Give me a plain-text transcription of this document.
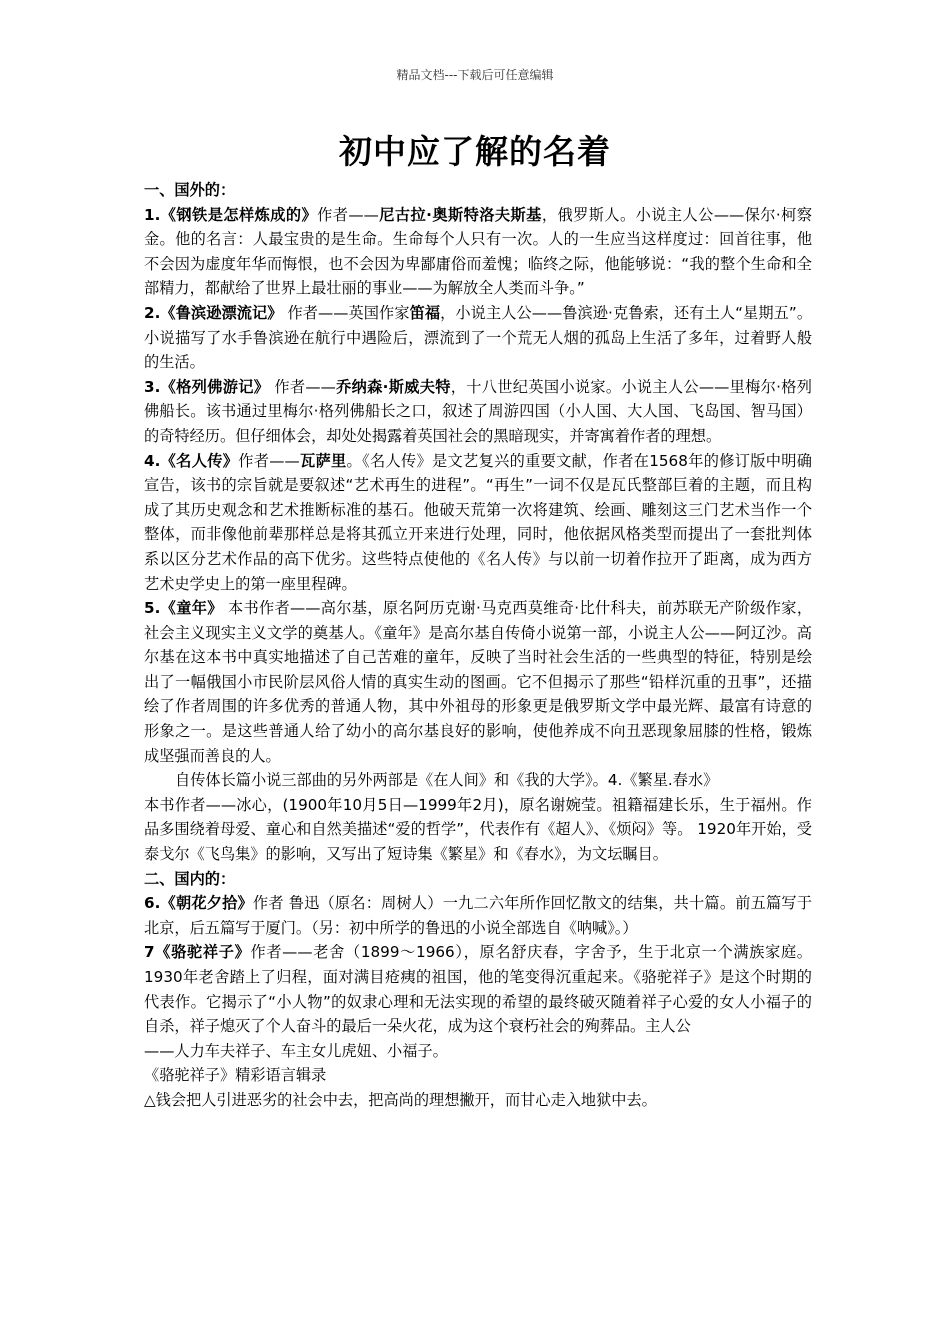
精品文档---下载后可任意编辑
初中应了解的名着

一、国外的：

1.《钢铁是怎样炼成的》作者——尼古拉·奥斯特洛夫斯基，俄罗斯人。小说主人公——保尔·柯察金。他的名言：人最宝贵的是生命。生命每个人只有一次。人的一生应当这样度过：回首往事，他不会因为虚度年华而悔恨，也不会因为卑鄙庸俗而羞愧；临终之际，他能够说：“我的整个生命和全部精力，都献给了世界上最壮丽的事业——为解放全人类而斗争。”

2.《鲁滨逊漂流记》 作者——英国作家笛福，小说主人公——鲁滨逊·克鲁索，还有土人“星期五”。小说描写了水手鲁滨逊在航行中遇险后，漂流到了一个荒无人烟的孤岛上生活了多年，过着野人般的生活。

3.《格列佛游记》 作者——乔纳森·斯威夫特，十八世纪英国小说家。小说主人公——里梅尔·格列佛船长。该书通过里梅尔·格列佛船长之口，叙述了周游四国（小人国、大人国、飞岛国、智马国）的奇特经历。但仔细体会，却处处揭露着英国社会的黑暗现实，并寄寓着作者的理想。

4.《名人传》作者——瓦萨里。《名人传》是文艺复兴的重要文献，作者在1568年的修订版中明确宣告，该书的宗旨就是要叙述“艺术再生的进程”。“再生”一词不仅是瓦氏整部巨着的主题，而且构成了其历史观念和艺术推断标准的基石。他破天荒第一次将建筑、绘画、雕刻这三门艺术当作一个整体，而非像他前辈那样总是将其孤立开来进行处理，同时，他依据风格类型而提出了一套批判体系以区分艺术作品的高下优劣。这些特点使他的《名人传》与以前一切着作拉开了距离，成为西方艺术史学史上的第一座里程碑。

5.《童年》 本书作者——高尔基，原名阿历克谢·马克西莫维奇·比什科夫，前苏联无产阶级作家，社会主义现实主义文学的奠基人。《童年》是高尔基自传倚小说第一部，小说主人公——阿辽沙。高尔基在这本书中真实地描述了自己苦难的童年，反映了当时社会生活的一些典型的特征，特别是绘出了一幅俄国小市民阶层风俗人情的真实生动的图画。它不但揭示了那些“铅样沉重的丑事”，还描绘了作者周围的许多优秀的普通人物，其中外祖母的形象更是俄罗斯文学中最光辉、最富有诗意的形象之一。是这些普通人给了幼小的高尔基良好的影响，使他养成不向丑恶现象屈膝的性格，锻炼成坚强而善良的人。

自传体长篇小说三部曲的另外两部是《在人间》和《我的大学》。4.《繁星.春水》

本书作者——冰心，(1900年10月5日—1999年2月)，原名谢婉莹。祖籍福建长乐，生于福州。作品多围绕着母爱、童心和自然美描述“爱的哲学”，代表作有《超人》、《烦闷》等。 1920年开始，受泰戈尔《飞鸟集》的影响，又写出了短诗集《繁星》和《春水》，为文坛瞩目。

二、国内的：

6.《朝花夕拾》作者 鲁迅（原名：周树人）一九二六年所作回忆散文的结集，共十篇。前五篇写于北京，后五篇写于厦门。（另：初中所学的鲁迅的小说全部选自《呐喊》。）

7《骆驼祥子》作者——老舍（1899～1966），原名舒庆春，字舍予，生于北京一个满族家庭。1930年老舍踏上了归程，面对满目疮痍的祖国，他的笔变得沉重起来。《骆驼祥子》是这个时期的代表作。它揭示了“小人物”的奴隶心理和无法实现的希望的最终破灭随着祥子心爱的女人小福子的自杀，祥子熄灭了个人奋斗的最后一朵火花，成为这个衰朽社会的殉葬品。主人公

——人力车夫祥子、车主女儿虎妞、小福子。

《骆驼祥子》精彩语言辑录

△钱会把人引进恶劣的社会中去，把高尚的理想撇开，而甘心走入地狱中去。
